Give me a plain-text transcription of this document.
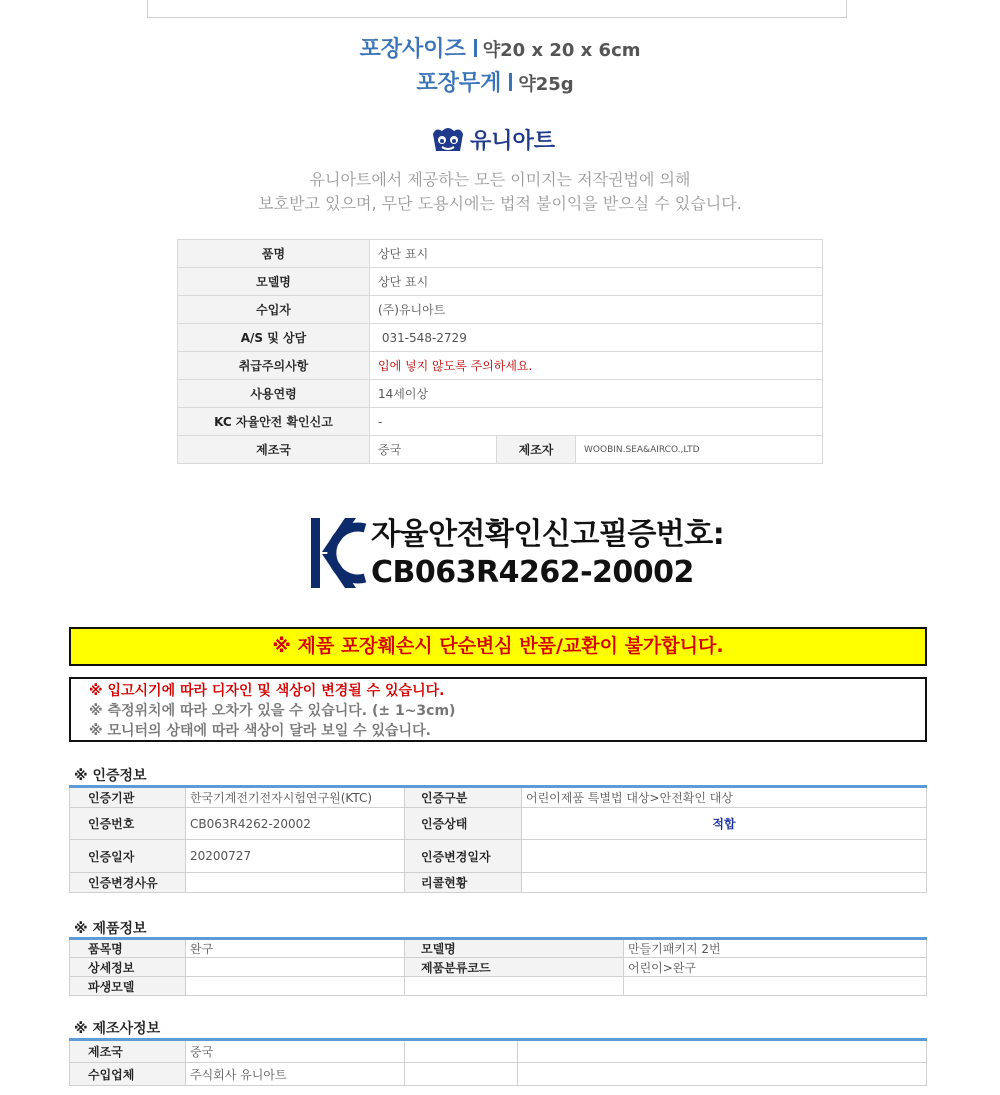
포장사이즈 약20 x 20 x 6cm
포장무게 약25g
유니아트
유니아트에서 제공하는 모든 이미지는 저작권법에 의해
보호받고 있으며, 무단 도용시에는 법적 불이익을 받으실 수 있습니다.
품명	상단 표시		
모델명	상단 표시		
수입자	(주)유니아트		
A/S 및 상담	031-548-2729		
취급주의사항	입에 넣지 않도록 주의하세요.		
사용연령	14세이상		
KC 자율안전 확인신고	-		
제조국	중국	제조자	WOOBIN.SEA&AIRCO.,LTD
자율안전확인신고필증번호:
CB063R4262-20002
※ 제품 포장훼손시 단순변심 반품/교환이 불가합니다.
※ 입고시기에 따라 디자인 및 색상이 변경될 수 있습니다.
※ 측정위치에 따라 오차가 있을 수 있습니다. (± 1~3cm)
※ 모니터의 상태에 따라 색상이 달라 보일 수 있습니다.
※ 인증정보
인증기관	한국기계전기전자시험연구원(KTC)	인증구분	어린이제품 특별법 대상>안전확인 대상
인증번호	CB063R4262-20002	인증상태	적합
인증일자	20200727	인증변경일자	
인증변경사유		리콜현황	
※ 제품정보
품목명	완구	모델명	만들기패키지 2번
상세정보		제품분류코드	어린이>완구
파생모델			
※ 제조사정보
제조국	중국		
수입업체	주식회사 유니아트		
